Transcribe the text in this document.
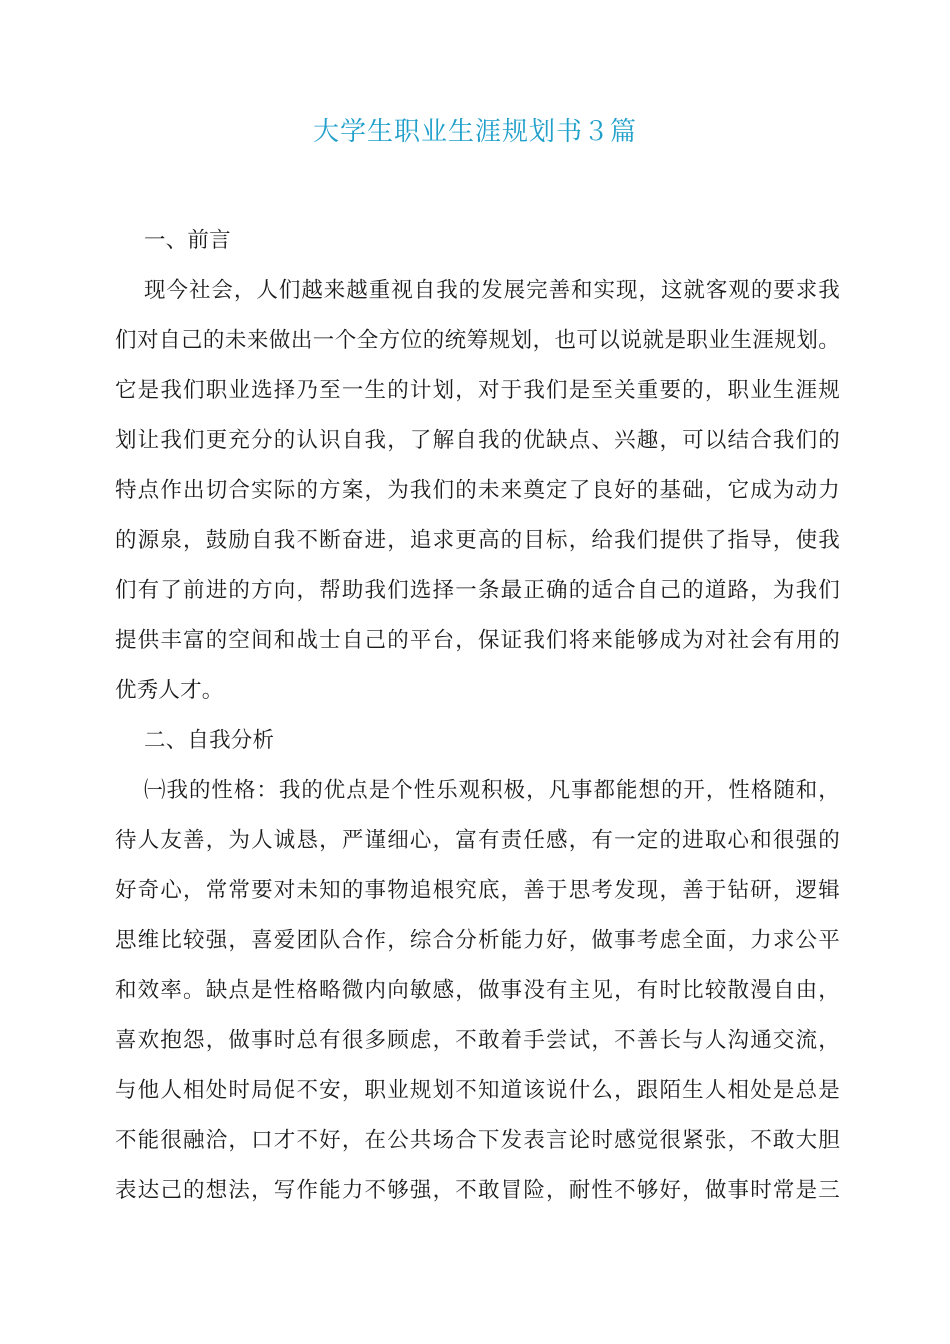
大学生职业生涯规划书３篇
一、前言
现今社会，人们越来越重视自我的发展完善和实现，这就客观的要求我
们对自己的未来做出一个全方位的统筹规划，也可以说就是职业生涯规划。
它是我们职业选择乃至一生的计划，对于我们是至关重要的，职业生涯规
划让我们更充分的认识自我，了解自我的优缺点、兴趣，可以结合我们的
特点作出切合实际的方案，为我们的未来奠定了良好的基础，它成为动力
的源泉，鼓励自我不断奋进，追求更高的目标，给我们提供了指导，使我
们有了前进的方向，帮助我们选择一条最正确的适合自己的道路，为我们
提供丰富的空间和战士自己的平台，保证我们将来能够成为对社会有用的
优秀人才。
二、自我分析
㈠我的性格：我的优点是个性乐观积极，凡事都能想的开，性格随和，
待人友善，为人诚恳，严谨细心，富有责任感，有一定的进取心和很强的
好奇心，常常要对未知的事物追根究底，善于思考发现，善于钻研，逻辑
思维比较强，喜爱团队合作，综合分析能力好，做事考虑全面，力求公平
和效率。缺点是性格略微内向敏感，做事没有主见，有时比较散漫自由，
喜欢抱怨，做事时总有很多顾虑，不敢着手尝试，不善长与人沟通交流，
与他人相处时局促不安，职业规划不知道该说什么，跟陌生人相处是总是
不能很融洽，口才不好，在公共场合下发表言论时感觉很紧张，不敢大胆
表达己的想法，写作能力不够强，不敢冒险，耐性不够好，做事时常是三
